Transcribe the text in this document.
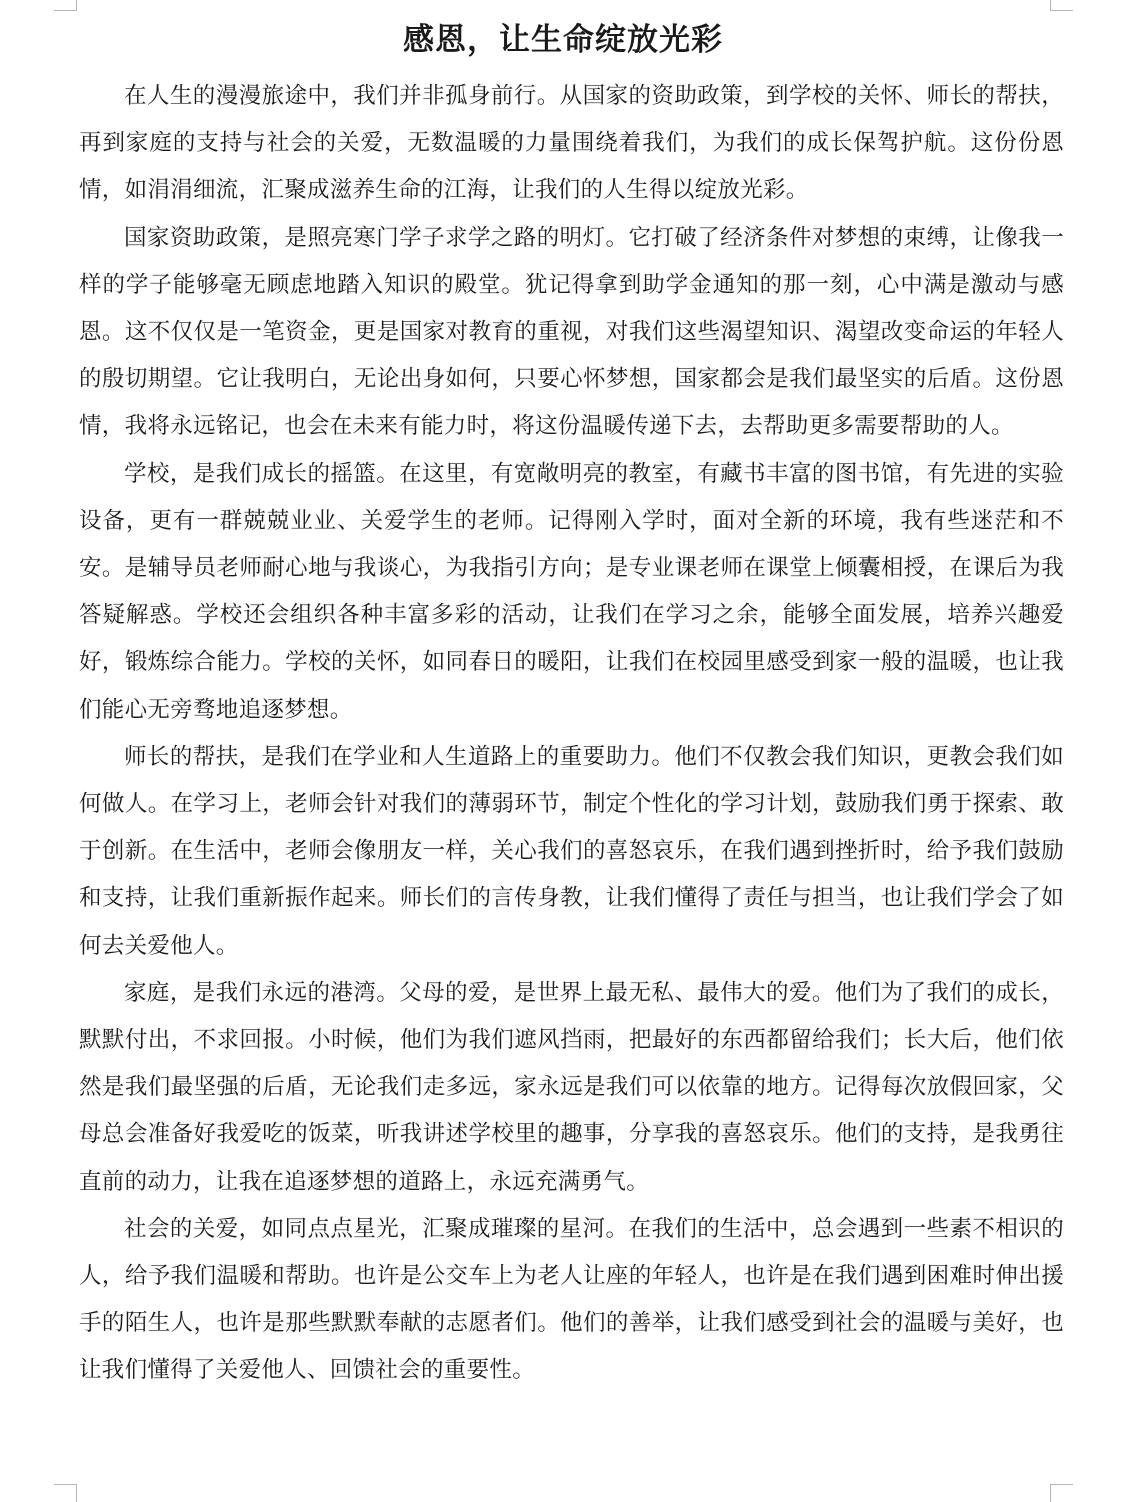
感恩，让生命绽放光彩

在人生的漫漫旅途中，我们并非孤身前行。从国家的资助政策，到学校的关怀、师长的帮扶，再到家庭的支持与社会的关爱，无数温暖的力量围绕着我们，为我们的成长保驾护航。这份份恩情，如涓涓细流，汇聚成滋养生命的江海，让我们的人生得以绽放光彩。

国家资助政策，是照亮寒门学子求学之路的明灯。它打破了经济条件对梦想的束缚，让像我一样的学子能够毫无顾虑地踏入知识的殿堂。犹记得拿到助学金通知的那一刻，心中满是激动与感恩。这不仅仅是一笔资金，更是国家对教育的重视，对我们这些渴望知识、渴望改变命运的年轻人的殷切期望。它让我明白，无论出身如何，只要心怀梦想，国家都会是我们最坚实的后盾。这份恩情，我将永远铭记，也会在未来有能力时，将这份温暖传递下去，去帮助更多需要帮助的人。

学校，是我们成长的摇篮。在这里，有宽敞明亮的教室，有藏书丰富的图书馆，有先进的实验设备，更有一群兢兢业业、关爱学生的老师。记得刚入学时，面对全新的环境，我有些迷茫和不安。是辅导员老师耐心地与我谈心，为我指引方向；是专业课老师在课堂上倾囊相授，在课后为我答疑解惑。学校还会组织各种丰富多彩的活动，让我们在学习之余，能够全面发展，培养兴趣爱好，锻炼综合能力。学校的关怀，如同春日的暖阳，让我们在校园里感受到家一般的温暖，也让我们能心无旁骛地追逐梦想。

师长的帮扶，是我们在学业和人生道路上的重要助力。他们不仅教会我们知识，更教会我们如何做人。在学习上，老师会针对我们的薄弱环节，制定个性化的学习计划，鼓励我们勇于探索、敢于创新。在生活中，老师会像朋友一样，关心我们的喜怒哀乐，在我们遇到挫折时，给予我们鼓励和支持，让我们重新振作起来。师长们的言传身教，让我们懂得了责任与担当，也让我们学会了如何去关爱他人。

家庭，是我们永远的港湾。父母的爱，是世界上最无私、最伟大的爱。他们为了我们的成长，默默付出，不求回报。小时候，他们为我们遮风挡雨，把最好的东西都留给我们；长大后，他们依然是我们最坚强的后盾，无论我们走多远，家永远是我们可以依靠的地方。记得每次放假回家，父母总会准备好我爱吃的饭菜，听我讲述学校里的趣事，分享我的喜怒哀乐。他们的支持，是我勇往直前的动力，让我在追逐梦想的道路上，永远充满勇气。

社会的关爱，如同点点星光，汇聚成璀璨的星河。在我们的生活中，总会遇到一些素不相识的人，给予我们温暖和帮助。也许是公交车上为老人让座的年轻人，也许是在我们遇到困难时伸出援手的陌生人，也许是那些默默奉献的志愿者们。他们的善举，让我们感受到社会的温暖与美好，也让我们懂得了关爱他人、回馈社会的重要性。
